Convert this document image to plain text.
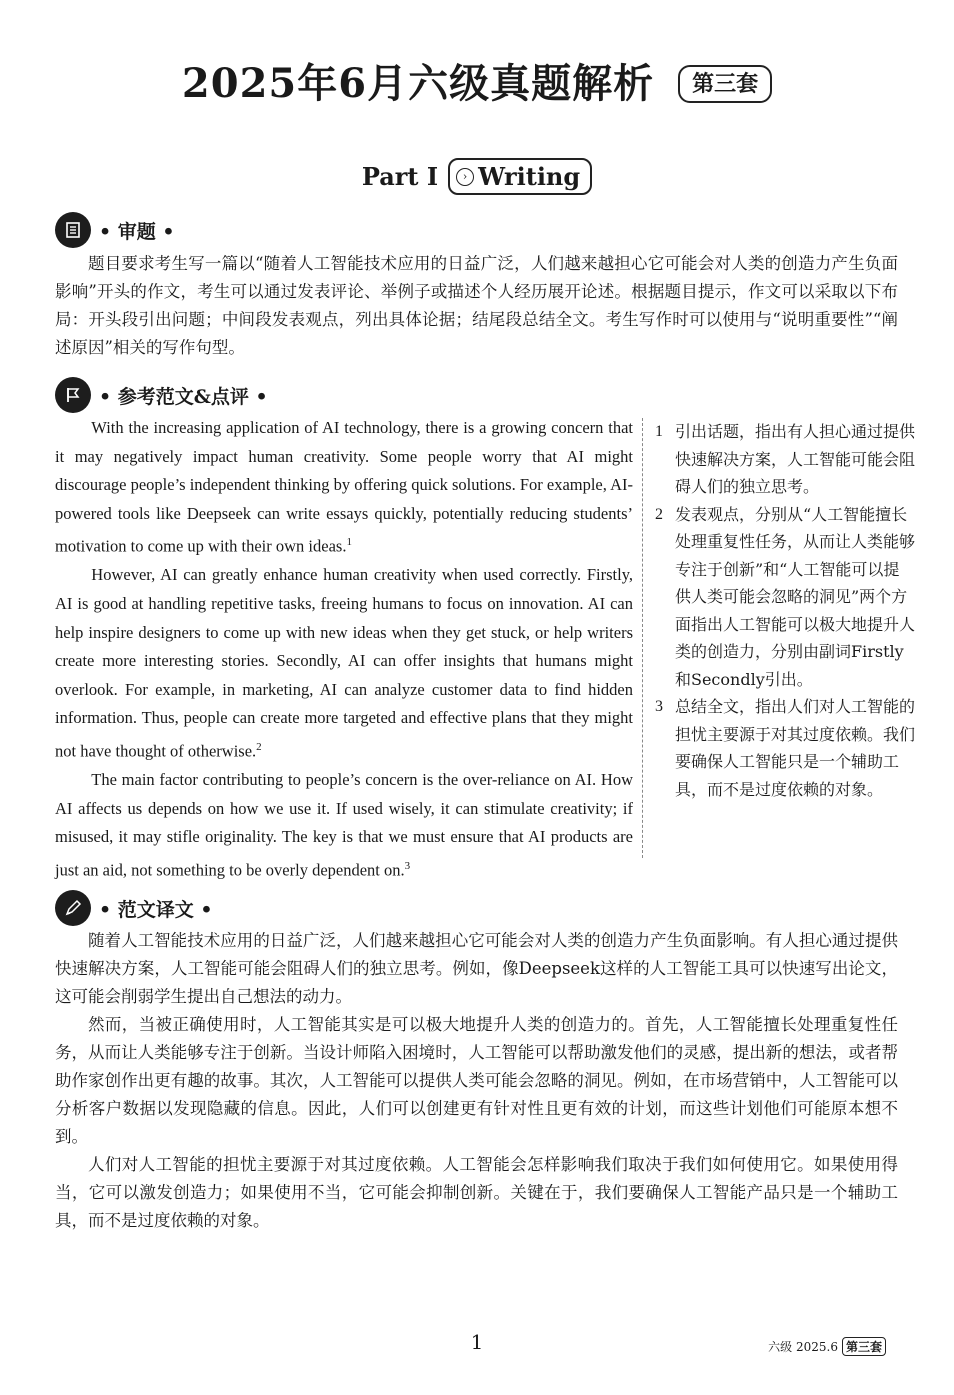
2025年6月六级真题解析	第三套
Part I	› Writing
• 审题 •

题目要求考生写一篇以“随着人工智能技术应用的日益广泛，人们越来越担心它可能会对人类的创造力产生负面影响”开头的作文，考生可以通过发表评论、举例子或描述个人经历展开论述。根据题目提示，作文可以采取以下布局：开头段引出问题；中间段发表观点，列出具体论据；结尾段总结全文。考生写作时可以使用与“说明重要性”“阐述原因”相关的写作句型。

• 参考范文&点评 •

With the increasing application of AI technology, there is a growing concern that it may negatively impact human creativity. Some people worry that AI might discourage people’s independent thinking by offering quick solutions. For example, AI-powered tools like Deepseek can write essays quickly, potentially reducing students’ motivation to come up with their own ideas.$^1$

However, AI can greatly enhance human creativity when used correctly. Firstly, AI is good at handling repetitive tasks, freeing humans to focus on innovation. AI can help inspire designers to come up with new ideas when they get stuck, or help writers create more interesting stories. Secondly, AI can offer insights that humans might overlook. For example, in marketing, AI can analyze customer data to find hidden information. Thus, people can create more targeted and effective plans that they might not have thought of otherwise.$^2$

The main factor contributing to people’s concern is the over-reliance on AI. How AI affects us depends on how we use it. If used wisely, it can stimulate creativity; if misused, it may stifle originality. The key is that we must ensure that AI products are just an aid, not something to be overly dependent on.$^3$

1 引出话题，指出有人担心通过提供快速解决方案，人工智能可能会阻碍人们的独立思考。
2 发表观点，分别从“人工智能擅长处理重复性任务，从而让人类能够专注于创新”和“人工智能可以提供人类可能会忽略的洞见”两个方面指出人工智能可以极大地提升人类的创造力，分别由副词Firstly和Secondly引出。
3 总结全文，指出人们对人工智能的担忧主要源于对其过度依赖。我们要确保人工智能只是一个辅助工具，而不是过度依赖的对象。
• 范文译文 •

随着人工智能技术应用的日益广泛，人们越来越担心它可能会对人类的创造力产生负面影响。有人担心通过提供快速解决方案，人工智能可能会阻碍人们的独立思考。例如，像Deepseek这样的人工智能工具可以快速写出论文，这可能会削弱学生提出自己想法的动力。

然而，当被正确使用时，人工智能其实是可以极大地提升人类的创造力的。首先，人工智能擅长处理重复性任务，从而让人类能够专注于创新。当设计师陷入困境时，人工智能可以帮助激发他们的灵感，提出新的想法，或者帮助作家创作出更有趣的故事。其次，人工智能可以提供人类可能会忽略的洞见。例如，在市场营销中，人工智能可以分析客户数据以发现隐藏的信息。因此，人们可以创建更有针对性且更有效的计划，而这些计划他们可能原本想不到。

人们对人工智能的担忧主要源于对其过度依赖。人工智能会怎样影响我们取决于我们如何使用它。如果使用得当，它可以激发创造力；如果使用不当，它可能会抑制创新。关键在于，我们要确保人工智能产品只是一个辅助工具，而不是过度依赖的对象。

1	六级 2025.6 第三套
